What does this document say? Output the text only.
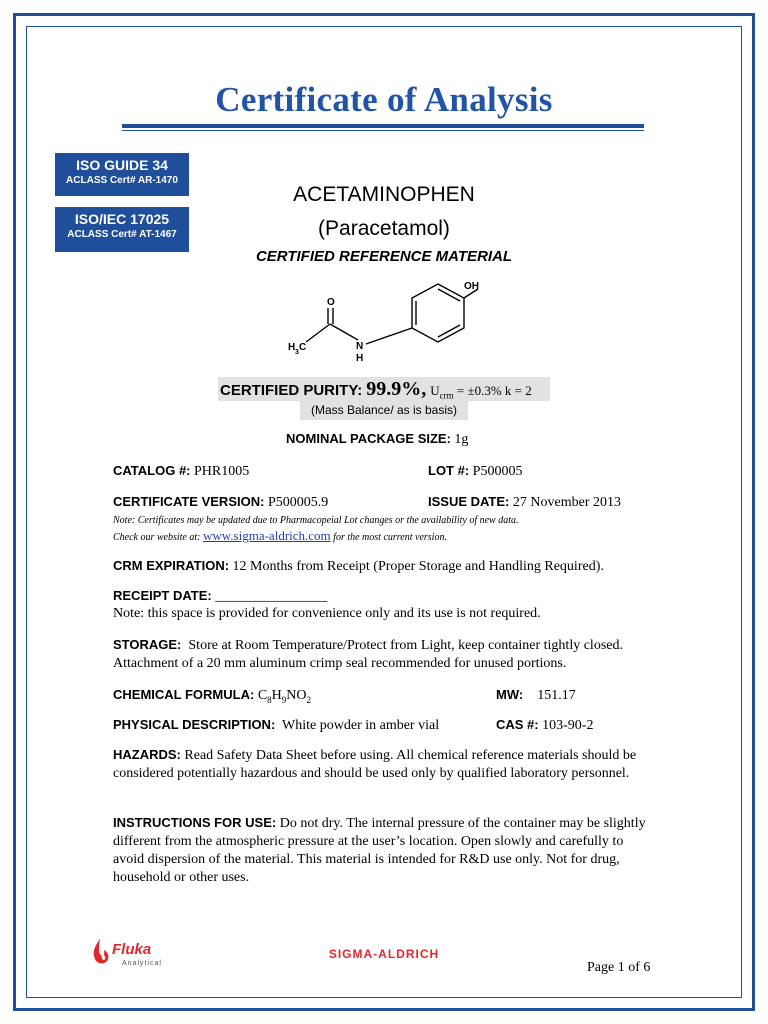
Certificate of Analysis
ISO GUIDE 34
ACLASS Cert# AR-1470
ISO/IEC 17025
ACLASS Cert# AT-1467
ACETAMINOPHEN
(Paracetamol)
CERTIFIED REFERENCE MATERIAL
OH
O
N
H
H 3 C
CERTIFIED PURITY: 99.9%, $U_{crm} = \pm 0.3\%$ k = 2
(Mass Balance/ as is basis)
NOMINAL PACKAGE SIZE: 1g
CATALOG #: PHR1005	LOT #: P500005
CERTIFICATE VERSION: P500005.9	ISSUE DATE: 27 November 2013
Note: Certificates may be updated due to Pharmacopeial Lot changes or the availability of new data.
Check our website at: www.sigma-aldrich.com for the most current version.
CRM EXPIRATION: 12 Months from Receipt (Proper Storage and Handling Required).
RECEIPT DATE: ________________
Note: this space is provided for convenience only and its use is not required.
STORAGE: Store at Room Temperature/Protect from Light, keep container tightly closed. Attachment of a 20 mm aluminum crimp seal recommended for unused portions.
CHEMICAL FORMULA: $C_8H_9NO_2$	MW: 151.17
PHYSICAL DESCRIPTION: White powder in amber vial	CAS #: 103-90-2
HAZARDS: Read Safety Data Sheet before using. All chemical reference materials should be considered potentially hazardous and should be used only by qualified laboratory personnel.
INSTRUCTIONS FOR USE: Do not dry. The internal pressure of the container may be slightly different from the atmospheric pressure at the user’s location. Open slowly and carefully to avoid dispersion of the material. This material is intended for R&D use only. Not for drug, household or other uses.
Fluka
Analytical
SIGMA-ALDRICH
Page 1 of 6
